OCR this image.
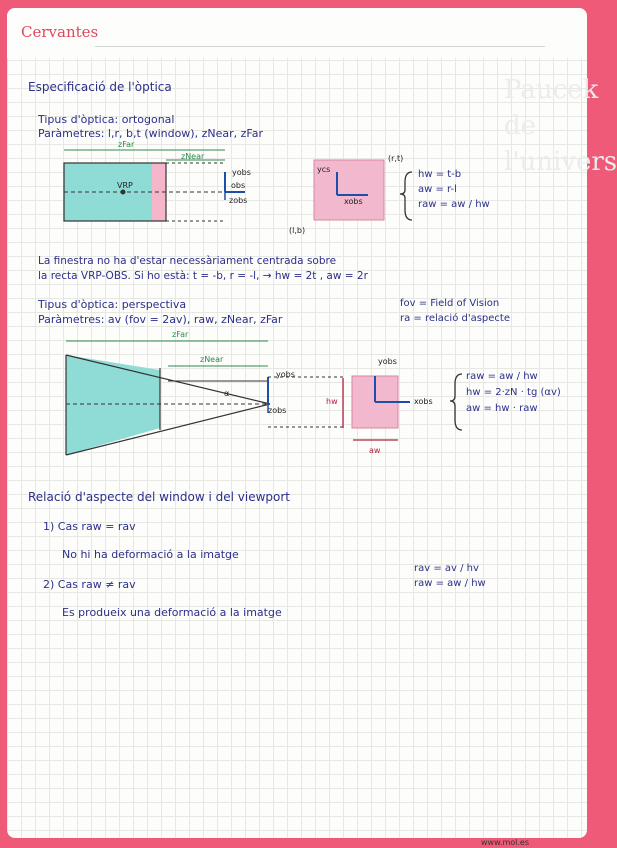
Cervantes
Paucek de
l'univers
Especificació de l'òptica
Tipus d'òptica: ortogonal
Paràmetres: l,r, b,t (window), zNear, zFar
zFar
zNear
VRP
yobs
obs
zobs
ycs
xobs
(r,t)
(l,b)
hw = t-b
aw = r-l
raw = aw / hw
La finestra no ha d'estar necessàriament centrada sobre
la recta VRP-OBS. Si ho està: t = -b, r = -l, → hw = 2t , aw = 2r
Tipus d'òptica: perspectiva
Paràmetres: av (fov = 2av), raw, zNear, zFar
fov = Field of Vision
ra = relació d'aspecte
zFar
zNear
α
yobs
zobs
yobs
xobs
hw
aw
raw = aw / hw
hw = 2·zN · tg (αv)
aw = hw · raw
Relació d'aspecte del window i del viewport
1) Cas raw = rav
No hi ha deformació a la imatge
2) Cas raw ≠ rav
Es produeix una deformació a la imatge
rav = av / hv
raw = aw / hw
www.mol.es
